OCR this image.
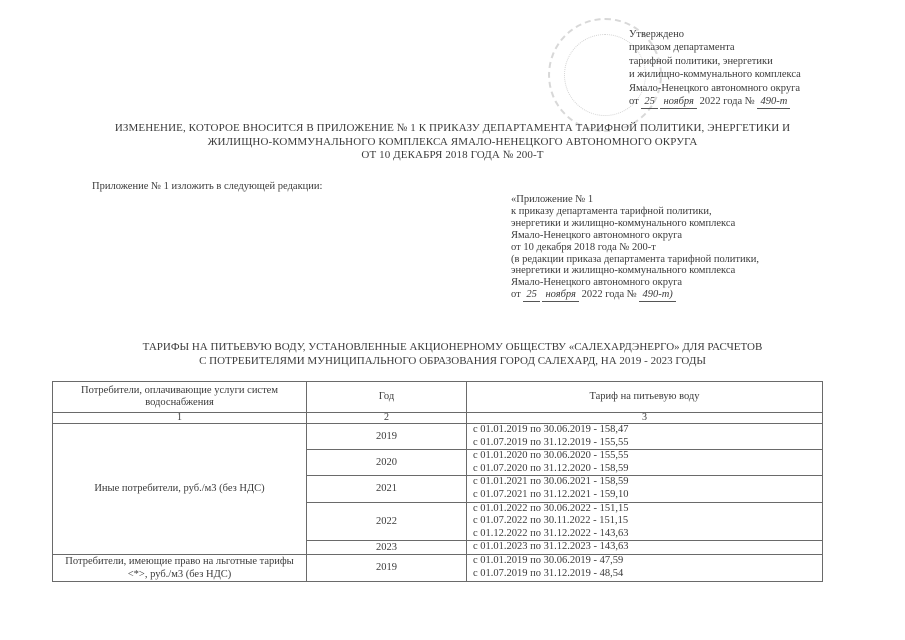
Утверждено
приказом департамента
тарифной политики, энергетики
и жилищно-коммунального комплекса
Ямало-Ненецкого автономного округа
от 25 ноября 2022 года № 490-т
ИЗМЕНЕНИЕ, КОТОРОЕ ВНОСИТСЯ В ПРИЛОЖЕНИЕ № 1 К ПРИКАЗУ ДЕПАРТАМЕНТА ТАРИФНОЙ ПОЛИТИКИ, ЭНЕРГЕТИКИ И
ЖИЛИЩНО-КОММУНАЛЬНОГО КОМПЛЕКСА ЯМАЛО-НЕНЕЦКОГО АВТОНОМНОГО ОКРУГА
ОТ 10 ДЕКАБРЯ 2018 ГОДА № 200-Т
Приложение № 1 изложить в следующей редакции:
«Приложение № 1
к приказу департамента тарифной политики,
энергетики и жилищно-коммунального комплекса
Ямало-Ненецкого автономного округа
от 10 декабря 2018 года № 200-т
(в редакции приказа департамента тарифной политики,
энергетики и жилищно-коммунального комплекса
Ямало-Ненецкого автономного округа
от 25 ноября 2022 года № 490-т)
ТАРИФЫ НА ПИТЬЕВУЮ ВОДУ, УСТАНОВЛЕННЫЕ АКЦИОНЕРНОМУ ОБЩЕСТВУ «САЛЕХАРДЭНЕРГО» ДЛЯ РАСЧЕТОВ
С ПОТРЕБИТЕЛЯМИ МУНИЦИПАЛЬНОГО ОБРАЗОВАНИЯ ГОРОД САЛЕХАРД, НА 2019 - 2023 ГОДЫ
Потребители, оплачивающие услуги систем водоснабжения	Год	Тариф на питьевую воду
1	2	3
Иные потребители, руб./м3 (без НДС)	2019	с 01.01.2019 по 30.06.2019 - 158,47
с 01.07.2019 по 31.12.2019 - 155,55

	2020	с 01.01.2020 по 30.06.2020 - 155,55
с 01.07.2020 по 31.12.2020 - 158,59

	2021	с 01.01.2021 по 30.06.2021 - 158,59
с 01.07.2021 по 31.12.2021 - 159,10

	2022	с 01.01.2022 по 30.06.2022 - 151,15
с 01.07.2022 по 30.11.2022 - 151,15
с 01.12.2022 по 31.12.2022 - 143,63

	2023	с 01.01.2023 по 31.12.2023 - 143,63

Потребители, имеющие право на льготные тарифы <*>, руб./м3 (без НДС)	2019	с 01.01.2019 по 30.06.2019 - 47,59
с 01.07.2019 по 31.12.2019 - 48,54
